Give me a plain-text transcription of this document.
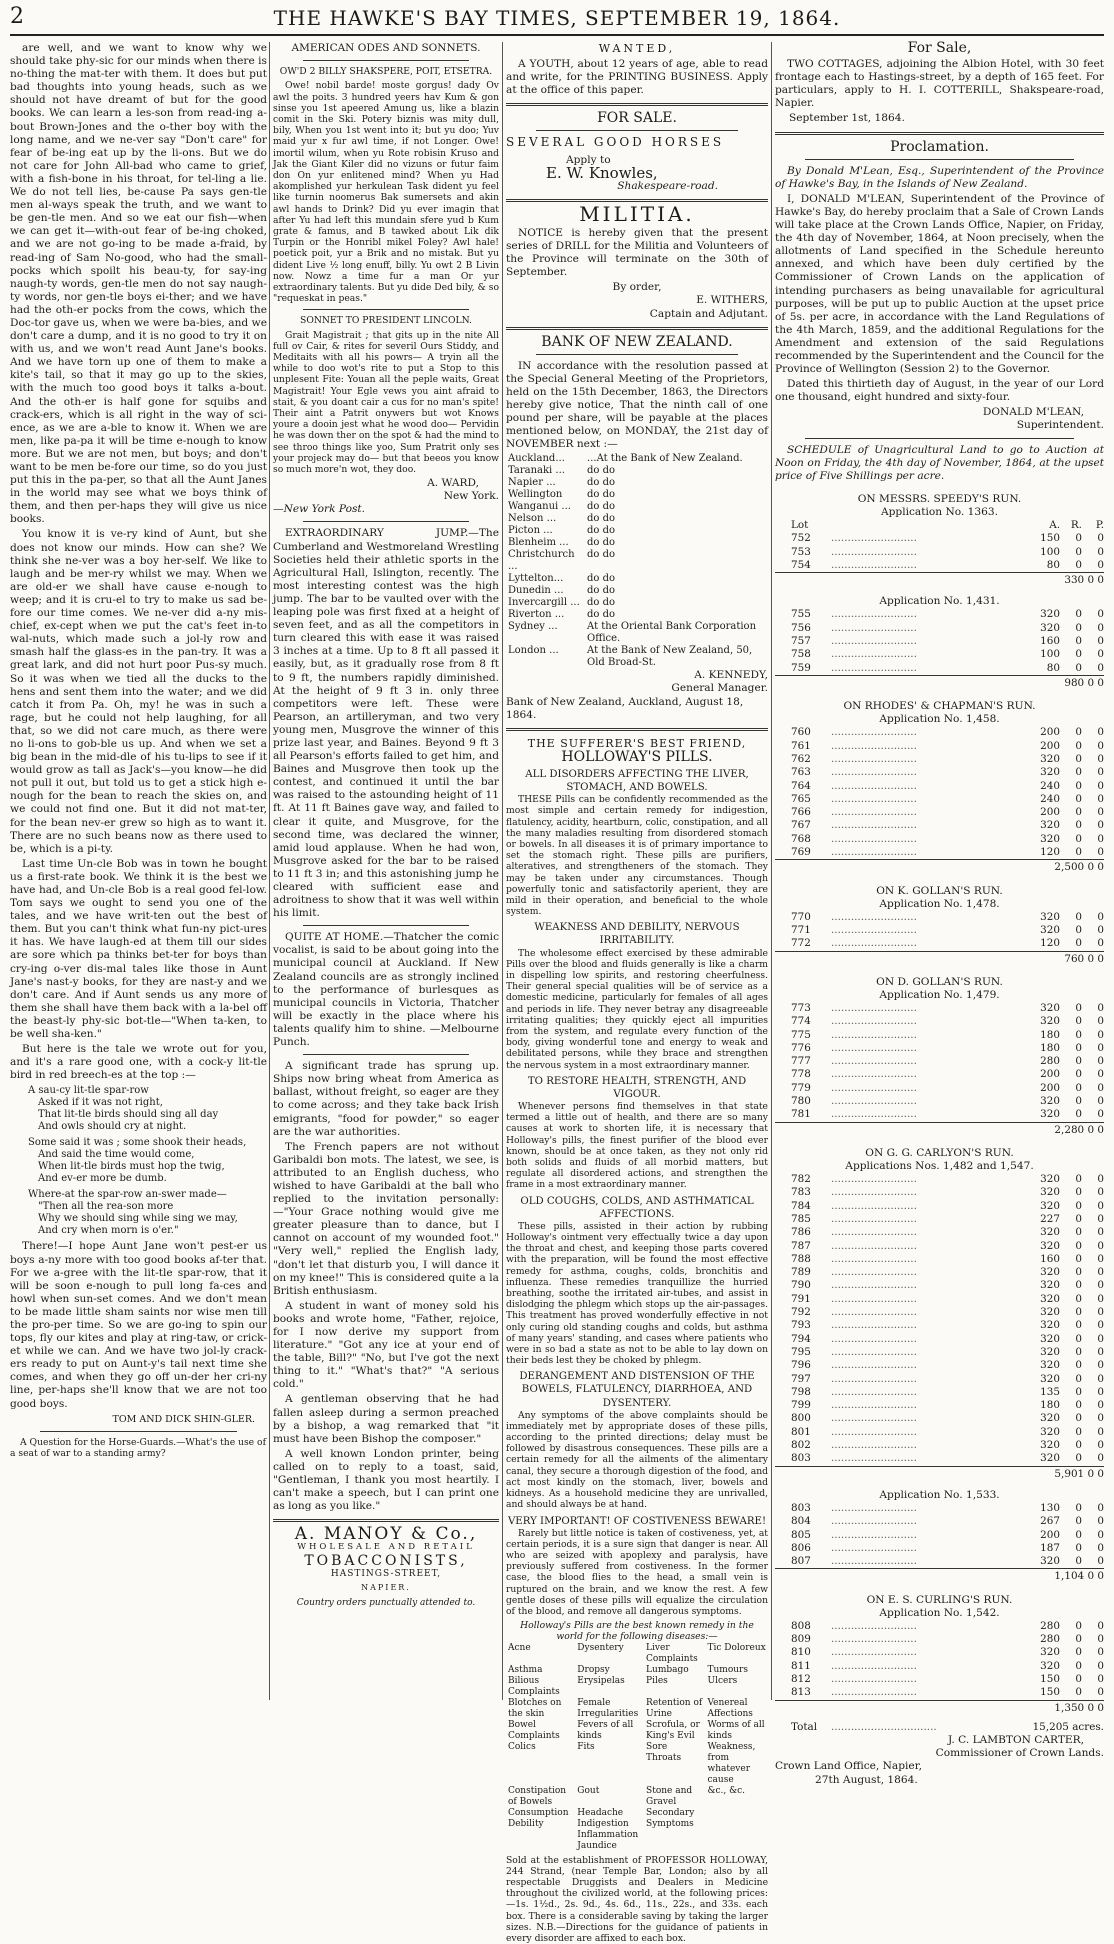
2	THE HAWKE'S BAY TIMES, SEPTEMBER 19, 1864.

are well, and we want to know why we should take phy-sic for our minds when there is no-thing the mat-ter with them. It does but put bad thoughts into young heads, such as we should not have dreamt of but for the good books. We can learn a les-son from read-ing a-bout Brown-Jones and the o-ther boy with the long name, and we ne-ver say "Don't care" for fear of be-ing eat up by the li-ons. But we do not care for John All-bad who came to grief, with a fish-bone in his throat, for tel-ling a lie. We do not tell lies, be-cause Pa says gen-tle men al-ways speak the truth, and we want to be gen-tle men. And so we eat our fish—when we can get it—with-out fear of be-ing choked, and we are not go-ing to be made a-fraid, by read-ing of Sam No-good, who had the small-pocks which spoilt his beau-ty, for say-ing naugh-ty words, gen-tle men do not say naugh-ty words, nor gen-tle boys ei-ther; and we have had the oth-er pocks from the cows, which the Doc-tor gave us, when we were ba-bies, and we don't care a dump, and it is no good to try it on with us, and we won't read Aunt Jane's books. And we have torn up one of them to make a kite's tail, so that it may go up to the skies, with the much too good boys it talks a-bout. And the oth-er is half gone for squibs and crack-ers, which is all right in the way of sci-ence, as we are a-ble to know it. When we are men, like pa-pa it will be time e-nough to know more. But we are not men, but boys; and don't want to be men be-fore our time, so do you just put this in the pa-per, so that all the Aunt Janes in the world may see what we boys think of them, and then per-haps they will give us nice books.

You know it is ve-ry kind of Aunt, but she does not know our minds. How can she? We think she ne-ver was a boy her-self. We like to laugh and be mer-ry whilst we may. When we are old-er we shall have cause e-nough to weep; and it is cru-el to try to make us sad be-fore our time comes. We ne-ver did a-ny mis-chief, ex-cept when we put the cat's feet in-to wal-nuts, which made such a jol-ly row and smash half the glass-es in the pan-try. It was a great lark, and did not hurt poor Pus-sy much. So it was when we tied all the ducks to the hens and sent them into the water; and we did catch it from Pa. Oh, my! he was in such a rage, but he could not help laughing, for all that, so we did not care much, as there were no li-ons to gob-ble us up. And when we set a big bean in the mid-dle of his tu-lips to see if it would grow as tall as Jack's—you know—he did not pull it out, but told us to get a stick high e-nough for the bean to reach the skies on, and we could not find one. But it did not mat-ter, for the bean nev-er grew so high as to want it. There are no such beans now as there used to be, which is a pi-ty.

Last time Un-cle Bob was in town he bought us a first-rate book. We think it is the best we have had, and Un-cle Bob is a real good fel-low. Tom says we ought to send you one of the tales, and we have writ-ten out the best of them. But you can't think what fun-ny pict-ures it has. We have laugh-ed at them till our sides are sore which pa thinks bet-ter for boys than cry-ing o-ver dis-mal tales like those in Aunt Jane's nast-y books, for they are nast-y and we don't care. And if Aunt sends us any more of them she shall have them back with a la-bel off the beast-ly phy-sic bot-tle—"When ta-ken, to be well sha-ken."

But here is the tale we wrote out for you, and it's a rare good one, with a cock-y lit-tle bird in red breech-es at the top :—

A sau-cy lit-tle spar-row
Asked if it was not right,
That lit-tle birds should sing all day
And owls should cry at night.
Some said it was ; some shook their heads,
And said the time would come,
When lit-tle birds must hop the twig,
And ev-er more be dumb.
Where-at the spar-row an-swer made—
"Then all the rea-son more
Why we should sing while sing we may,
And cry when morn is o'er."

There!—I hope Aunt Jane won't pest-er us boys a-ny more with too good books af-ter that. For we a-gree with the lit-tle spar-row, that it will be soon e-nough to pull long fa-ces and howl when sun-set comes. And we don't mean to be made little sham saints nor wise men till the pro-per time. So we are go-ing to spin our tops, fly our kites and play at ring-taw, or crick-et while we can. And we have two jol-ly crack-ers ready to put on Aunt-y's tail next time she comes, and when they go off un-der her cri-ny line, per-haps she'll know that we are not too good boys.

TOM AND DICK SHIN-GLER.
A Question for the Horse-Guards.—What's the use of a seat of war to a standing army?
AMERICAN ODES AND SONNETS.
OW'D 2 BILLY SHAKSPERE, POIT, ETSETRA.

Owe! nobil barde! moste gorgus! dady Ov awl the poits. 3 hundred yeers hav Kum & gon sinse you 1st apeered Amung us, like a blazin comit in the Ski. Potery biznis was mity dull, bily, When you 1st went into it; but yu doo; Yuv maid yur x fur awl time, if not Longer. Owe! imortil wilum, when yu Rote robisin Kruso and Jak the Giant Kiler did no vizuns or futur faim don On yur enlitened mind? When yu Had akomplished yur herkulean Task dident yu feel like turnin noomerus Bak sumersets and akin awl hands to Drink? Did yu ever imagin that after Yu had left this mundain sfere yud b Kum grate & famus, and B tawked about Lik dik Turpin or the Honribl mikel Foley? Awl hale! poetick poit, yur a Brik and no mistak. But yu dident Live ½ long enuff, billy. Yu owt 2 B Livin now. Nowz a time fur a man Or yur extraordinary talents. But yu dide Ded bily, & so "requeskat in peas."

SONNET TO PRESIDENT LINCOLN.

Grait Magistrait ; that gits up in the nite All full ov Cair, & rites for severil Ours Stiddy, and Meditaits with all his powrs— A tryin all the while to doo wot's rite to put a Stop to this unplesent Fite: Youan all the peple waits, Great Magistrait! Your Egle vews you aint afraid to stait, & you doant cair a cus for no man's spite! Their aint a Patrit onywers but wot Knows youre a dooin jest what he wood doo— Pervidin he was down ther on the spot & had the mind to see throo things like yoo, Sum Pratrit only ses your projeck may do— but that beeos you know so much more'n wot, they doo.

A. WARD,
New York.
—New York Post.

EXTRAORDINARY JUMP.—The Cumberland and Westmoreland Wrestling Societies held their athletic sports in the Agricultural Hall, Islington, recently. The most interesting contest was the high jump. The bar to be vaulted over with the leaping pole was first fixed at a height of seven feet, and as all the competitors in turn cleared this with ease it was raised 3 inches at a time. Up to 8 ft all passed it easily, but, as it gradually rose from 8 ft to 9 ft, the numbers rapidly diminished. At the height of 9 ft 3 in. only three competitors were left. These were Pearson, an artilleryman, and two very young men, Musgrove the winner of this prize last year, and Baines. Beyond 9 ft 3 all Pearson's efforts failed to get him, and Baines and Musgrove then took up the contest, and continued it until the bar was raised to the astounding height of 11 ft. At 11 ft Baines gave way, and failed to clear it quite, and Musgrove, for the second time, was declared the winner, amid loud applause. When he had won, Musgrove asked for the bar to be raised to 11 ft 3 in; and this astonishing jump he cleared with sufficient ease and adroitness to show that it was well within his limit.

QUITE AT HOME.—Thatcher the comic vocalist, is said to be about going into the municipal council at Auckland. If New Zealand councils are as strongly inclined to the performance of burlesques as municipal councils in Victoria, Thatcher will be exactly in the place where his talents qualify him to shine. —Melbourne Punch.

A significant trade has sprung up. Ships now bring wheat from America as ballast, without freight, so eager are they to come across; and they take back Irish emigrants, "food for powder," so eager are the war authorities.

The French papers are not without Garibaldi bon mots. The latest, we see, is attributed to an English duchess, who wished to have Garibaldi at the ball who replied to the invitation personally:—"Your Grace nothing would give me greater pleasure than to dance, but I cannot on account of my wounded foot." "Very well," replied the English lady, "don't let that disturb you, I will dance it on my knee!" This is considered quite a la British enthusiasm.

A student in want of money sold his books and wrote home, "Father, rejoice, for I now derive my support from literature." "Got any ice at your end of the table, Bill?" "No, but I've got the next thing to it." "What's that?" "A serious cold."

A gentleman observing that he had fallen asleep during a sermon preached by a bishop, a wag remarked that "it must have been Bishop the composer."

A well known London printer, being called on to reply to a toast, said, "Gentleman, I thank you most heartily. I can't make a speech, but I can print one as long as you like."

A. MANOY & Co.,
WHOLESALE AND RETAIL
TOBACCONISTS,
HASTINGS-STREET,
NAPIER.
Country orders punctually attended to.
WANTED,

A YOUTH, about 12 years of age, able to read and write, for the PRINTING BUSINESS. Apply at the office of this paper.

FOR SALE.
SEVERAL GOOD HORSES
Apply to
E. W. Knowles,
Shakespeare-road.
MILITIA.

NOTICE is hereby given that the present series of DRILL for the Militia and Volunteers of the Province will terminate on the 30th of September.

By order,
E. WITHERS,
Captain and Adjutant.
BANK OF NEW ZEALAND.

IN accordance with the resolution passed at the Special General Meeting of the Proprietors, held on the 15th December, 1863, the Directors hereby give notice, That the ninth call of one pound per share, will be payable at the places mentioned below, on MONDAY, the 21st day of NOVEMBER next :—

Auckland...	...At the Bank of New Zealand.
Taranaki ...	do do
Napier ...	do do
Wellington	do do
Wanganui ...	do do
Nelson ...	do do
Picton ...	do do
Blenheim ...	do do
Christchurch ...	do do
Lyttelton...	do do
Dunedin ...	do do
Invercargill ...	do do
Riverton ...	do do
Sydney ...	At the Oriental Bank Corporation Office.
London ...	At the Bank of New Zealand, 50, Old Broad-St.
A. KENNEDY,
General Manager.
Bank of New Zealand, Auckland, August 18, 1864.
THE SUFFERER'S BEST FRIEND,
HOLLOWAY'S PILLS.
ALL DISORDERS AFFECTING THE LIVER, STOMACH, AND BOWELS.

THESE Pills can be confidently recommended as the most simple and certain remedy for indigestion, flatulency, acidity, heartburn, colic, constipation, and all the many maladies resulting from disordered stomach or bowels. In all diseases it is of primary importance to set the stomach right. These pills are purifiers, alteratives, and strengtheners of the stomach. They may be taken under any circumstances. Though powerfully tonic and satisfactorily aperient, they are mild in their operation, and beneficial to the whole system.

WEAKNESS AND DEBILITY, NERVOUS IRRITABILITY.

The wholesome effect exercised by these admirable Pills over the blood and fluids generally is like a charm in dispelling low spirits, and restoring cheerfulness. Their general special qualities will be of service as a domestic medicine, particularly for females of all ages and periods in life. They never betray any disagreeable irritating qualities; they quickly eject all impurities from the system, and regulate every function of the body, giving wonderful tone and energy to weak and debilitated persons, while they brace and strengthen the nervous system in a most extraordinary manner.

TO RESTORE HEALTH, STRENGTH, AND VIGOUR.

Whenever persons find themselves in that state termed a little out of health, and there are so many causes at work to shorten life, it is necessary that Holloway's pills, the finest purifier of the blood ever known, should be at once taken, as they not only rid both solids and fluids of all morbid matters, but regulate all disordered actions, and strengthen the frame in a most extraordinary manner.

OLD COUGHS, COLDS, AND ASTHMATICAL AFFECTIONS.

These pills, assisted in their action by rubbing Holloway's ointment very effectually twice a day upon the throat and chest, and keeping those parts covered with the preparation, will be found the most effective remedy for asthma, coughs, colds, bronchitis and influenza. These remedies tranquillize the hurried breathing, soothe the irritated air-tubes, and assist in dislodging the phlegm which stops up the air-passages. This treatment has proved wonderfully effective in not only curing old standing coughs and colds, but asthma of many years' standing, and cases where patients who were in so bad a state as not to be able to lay down on their beds lest they be choked by phlegm.

DERANGEMENT AND DISTENSION OF THE BOWELS, FLATULENCY, DIARRHOEA, AND DYSENTERY.

Any symptoms of the above complaints should be immediately met by appropriate doses of these pills, according to the printed directions; delay must be followed by disastrous consequences. These pills are a certain remedy for all the ailments of the alimentary canal, they secure a thorough digestion of the food, and act most kindly on the stomach, liver, bowels and kidneys. As a household medicine they are unrivalled, and should always be at hand.

VERY IMPORTANT! OF COSTIVENESS BEWARE!

Rarely but little notice is taken of costiveness, yet, at certain periods, it is a sure sign that danger is near. All who are seized with apoplexy and paralysis, have previously suffered from costiveness. In the former case, the blood flies to the head, a small vein is ruptured on the brain, and we know the rest. A few gentle doses of these pills will equalize the circulation of the blood, and remove all dangerous symptoms.

Holloway's Pills are the best known remedy in the world for the following diseases:—
Acne	Dysentery	Liver Complaints	Tic Doloreux
Asthma	Dropsy	Lumbago	Tumours
Bilious Complaints	Erysipelas	Piles	Ulcers
Blotches on the skin	Female Irregularities	Retention of Urine	Venereal Affections
Bowel Complaints	Fevers of all kinds	Scrofula, or King's Evil	Worms of all kinds
Colics	Fits	Sore Throats	Weakness, from whatever cause
Constipation of Bowels	Gout	Stone and Gravel	&c., &c.
Consumption	Headache	Secondary	
Debility	Indigestion	Symptoms	
	Inflammation		
	Jaundice		
Sold at the establishment of PROFESSOR HOLLOWAY, 244 Strand, (near Temple Bar, London; also by all respectable Druggists and Dealers in Medicine throughout the civilized world, at the following prices:—1s. 1½d., 2s. 9d., 4s. 6d., 11s., 22s., and 33s. each box. There is a considerable saving by taking the larger sizes. N.B.—Directions for the guidance of patients in every disorder are affixed to each box.
For Sale,

TWO COTTAGES, adjoining the Albion Hotel, with 30 feet frontage each to Hastings-street, by a depth of 165 feet. For particulars, apply to H. I. COTTERILL, Shakspeare-road, Napier.

September 1st, 1864.
Proclamation.

By Donald M'Lean, Esq., Superintendent of the Province of Hawke's Bay, in the Islands of New Zealand.

I, DONALD M'LEAN, Superintendent of the Province of Hawke's Bay, do hereby proclaim that a Sale of Crown Lands will take place at the Crown Lands Office, Napier, on Friday, the 4th day of November, 1864, at Noon precisely, when the allotments of Land specified in the Schedule hereunto annexed, and which have been duly certified by the Commissioner of Crown Lands on the application of intending purchasers as being unavailable for agricultural purposes, will be put up to public Auction at the upset price of 5s. per acre, in accordance with the Land Regulations of the 4th March, 1859, and the additional Regulations for the Amendment and extension of the said Regulations recommended by the Superintendent and the Council for the Province of Wellington (Session 2) to the Governor.

Dated this thirtieth day of August, in the year of our Lord one thousand, eight hundred and sixty-four.

DONALD M'LEAN,
Superintendent.

SCHEDULE of Unagricultural Land to go to Auction at Noon on Friday, the 4th day of November, 1864, at the upset price of Five Shillings per acre.

ON MESSRS. SPEEDY'S RUN.
Application No. 1363.
Lot		A.	R.	P.
752	..........................	150	0	0
753	..........................	100	0	0
754	..........................	80	0	0
		330 0 0		
Application No. 1,431.
755	..........................	320	0	0
756	..........................	320	0	0
757	..........................	160	0	0
758	..........................	100	0	0
759	..........................	80	0	0
		980 0 0		
ON RHODES' & CHAPMAN'S RUN.
Application No. 1,458.
760	..........................	200	0	0
761	..........................	200	0	0
762	..........................	320	0	0
763	..........................	320	0	0
764	..........................	240	0	0
765	..........................	240	0	0
766	..........................	200	0	0
767	..........................	320	0	0
768	..........................	320	0	0
769	..........................	120	0	0
		2,500 0 0		
ON K. GOLLAN'S RUN.
Application No. 1,478.
770	..........................	320	0	0
771	..........................	320	0	0
772	..........................	120	0	0
		760 0 0		
ON D. GOLLAN'S RUN.
Application No. 1,479.
773	..........................	320	0	0
774	..........................	320	0	0
775	..........................	180	0	0
776	..........................	180	0	0
777	..........................	280	0	0
778	..........................	200	0	0
779	..........................	200	0	0
780	..........................	320	0	0
781	..........................	320	0	0
		2,280 0 0		
ON G. G. CARLYON'S RUN.
Applications Nos. 1,482 and 1,547.
782	..........................	320	0	0
783	..........................	320	0	0
784	..........................	320	0	0
785	..........................	227	0	0
786	..........................	320	0	0
787	..........................	320	0	0
788	..........................	160	0	0
789	..........................	320	0	0
790	..........................	320	0	0
791	..........................	320	0	0
792	..........................	320	0	0
793	..........................	320	0	0
794	..........................	320	0	0
795	..........................	320	0	0
796	..........................	320	0	0
797	..........................	320	0	0
798	..........................	135	0	0
799	..........................	180	0	0
800	..........................	320	0	0
801	..........................	320	0	0
802	..........................	320	0	0
803	..........................	320	0	0
		5,901 0 0		
Application No. 1,533.
803	..........................	130	0	0
804	..........................	267	0	0
805	..........................	200	0	0
806	..........................	187	0	0
807	..........................	320	0	0
		1,104 0 0		
ON E. S. CURLING'S RUN.
Application No. 1,542.
808	..........................	280	0	0
809	..........................	280	0	0
810	..........................	320	0	0
811	..........................	320	0	0
812	..........................	150	0	0
813	..........................	150	0	0
		1,350 0 0		
Total	................................	15,205 acres.
J. C. LAMBTON CARTER,
Commissioner of Crown Lands.
Crown Land Office, Napier,
27th August, 1864.
